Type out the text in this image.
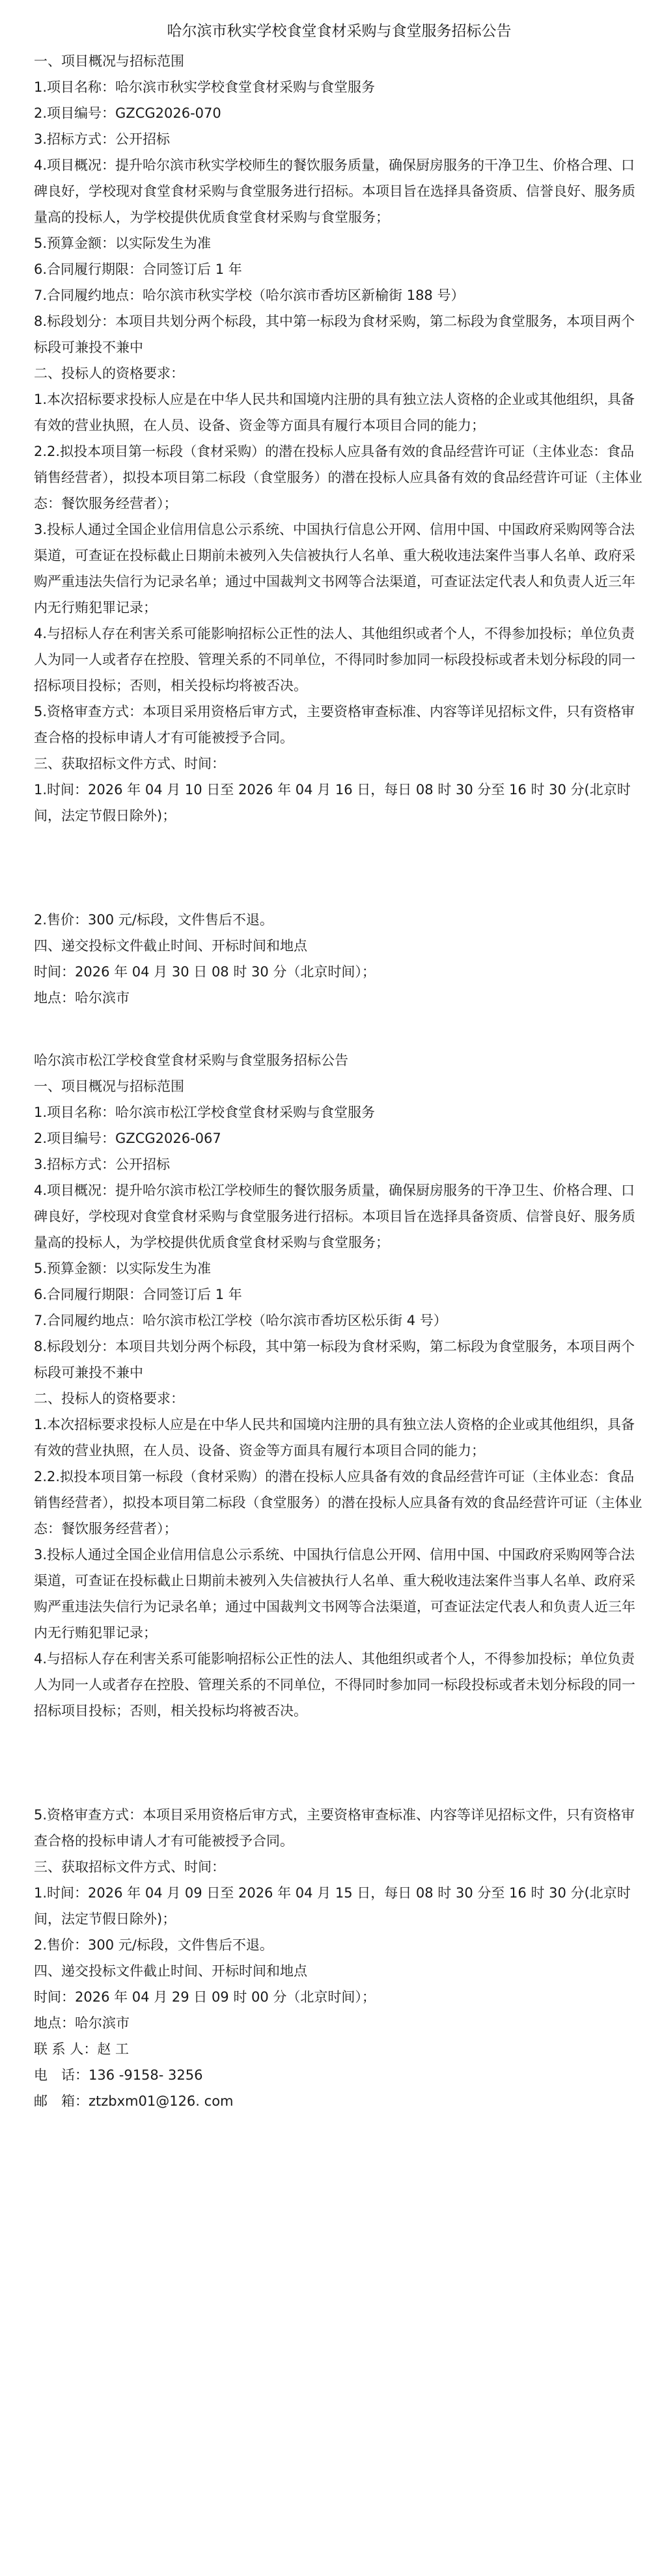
哈尔滨市秋实学校食堂食材采购与食堂服务招标公告

一、项目概况与招标范围

1.项目名称：哈尔滨市秋实学校食堂食材采购与食堂服务

2.项目编号：GZCG2026-070

3.招标方式：公开招标

4.项目概况：提升哈尔滨市秋实学校师生的餐饮服务质量，确保厨房服务的干净卫生、价格合理、口碑良好，学校现对食堂食材采购与食堂服务进行招标。本项目旨在选择具备资质、信誉良好、服务质量高的投标人，为学校提供优质食堂食材采购与食堂服务；

5.预算金额：以实际发生为准

6.合同履行期限：合同签订后 1 年

7.合同履约地点：哈尔滨市秋实学校（哈尔滨市香坊区新榆街 188 号）

8.标段划分：本项目共划分两个标段，其中第一标段为食材采购，第二标段为食堂服务，本项目两个标段可兼投不兼中

二、投标人的资格要求：

1.本次招标要求投标人应是在中华人民共和国境内注册的具有独立法人资格的企业或其他组织，具备有效的营业执照，在人员、设备、资金等方面具有履行本项目合同的能力；

2.2.拟投本项目第一标段（食材采购）的潜在投标人应具备有效的食品经营许可证（主体业态：食品销售经营者），拟投本项目第二标段（食堂服务）的潜在投标人应具备有效的食品经营许可证（主体业态：餐饮服务经营者）；

3.投标人通过全国企业信用信息公示系统、中国执行信息公开网、信用中国、中国政府采购网等合法渠道，可查证在投标截止日期前未被列入失信被执行人名单、重大税收违法案件当事人名单、政府采购严重违法失信行为记录名单；通过中国裁判文书网等合法渠道，可查证法定代表人和负责人近三年内无行贿犯罪记录；

4.与招标人存在利害关系可能影响招标公正性的法人、其他组织或者个人，不得参加投标；单位负责人为同一人或者存在控股、管理关系的不同单位，不得同时参加同一标段投标或者未划分标段的同一招标项目投标；否则，相关投标均将被否决。

5.资格审查方式：本项目采用资格后审方式，主要资格审查标准、内容等详见招标文件，只有资格审查合格的投标申请人才有可能被授予合同。

三、获取招标文件方式、时间：

1.时间：2026 年 04 月 10 日至 2026 年 04 月 16 日，每日 08 时 30 分至 16 时 30 分(北京时间，法定节假日除外)；

2.售价：300 元/标段，文件售后不退。

四、递交投标文件截止时间、开标时间和地点

时间：2026 年 04 月 30 日 08 时 30 分（北京时间）；

地点：哈尔滨市

哈尔滨市松江学校食堂食材采购与食堂服务招标公告

一、项目概况与招标范围

1.项目名称：哈尔滨市松江学校食堂食材采购与食堂服务

2.项目编号：GZCG2026-067

3.招标方式：公开招标

4.项目概况：提升哈尔滨市松江学校师生的餐饮服务质量，确保厨房服务的干净卫生、价格合理、口碑良好，学校现对食堂食材采购与食堂服务进行招标。本项目旨在选择具备资质、信誉良好、服务质量高的投标人，为学校提供优质食堂食材采购与食堂服务；

5.预算金额：以实际发生为准

6.合同履行期限：合同签订后 1 年

7.合同履约地点：哈尔滨市松江学校（哈尔滨市香坊区松乐街 4 号）

8.标段划分：本项目共划分两个标段，其中第一标段为食材采购，第二标段为食堂服务，本项目两个标段可兼投不兼中

二、投标人的资格要求：

1.本次招标要求投标人应是在中华人民共和国境内注册的具有独立法人资格的企业或其他组织，具备有效的营业执照，在人员、设备、资金等方面具有履行本项目合同的能力；

2.2.拟投本项目第一标段（食材采购）的潜在投标人应具备有效的食品经营许可证（主体业态：食品销售经营者），拟投本项目第二标段（食堂服务）的潜在投标人应具备有效的食品经营许可证（主体业态：餐饮服务经营者）；

3.投标人通过全国企业信用信息公示系统、中国执行信息公开网、信用中国、中国政府采购网等合法渠道，可查证在投标截止日期前未被列入失信被执行人名单、重大税收违法案件当事人名单、政府采购严重违法失信行为记录名单；通过中国裁判文书网等合法渠道，可查证法定代表人和负责人近三年内无行贿犯罪记录；

4.与招标人存在利害关系可能影响招标公正性的法人、其他组织或者个人，不得参加投标；单位负责人为同一人或者存在控股、管理关系的不同单位，不得同时参加同一标段投标或者未划分标段的同一招标项目投标；否则，相关投标均将被否决。

5.资格审查方式：本项目采用资格后审方式，主要资格审查标准、内容等详见招标文件，只有资格审查合格的投标申请人才有可能被授予合同。

三、获取招标文件方式、时间：

1.时间：2026 年 04 月 09 日至 2026 年 04 月 15 日，每日 08 时 30 分至 16 时 30 分(北京时间，法定节假日除外)；

2.售价：300 元/标段，文件售后不退。

四、递交投标文件截止时间、开标时间和地点

时间：2026 年 04 月 29 日 09 时 00 分（北京时间）；

地点：哈尔滨市

联 系 人：赵 工

电　话：136 -9158- 3256

邮　箱：ztzbxm01@126. com
